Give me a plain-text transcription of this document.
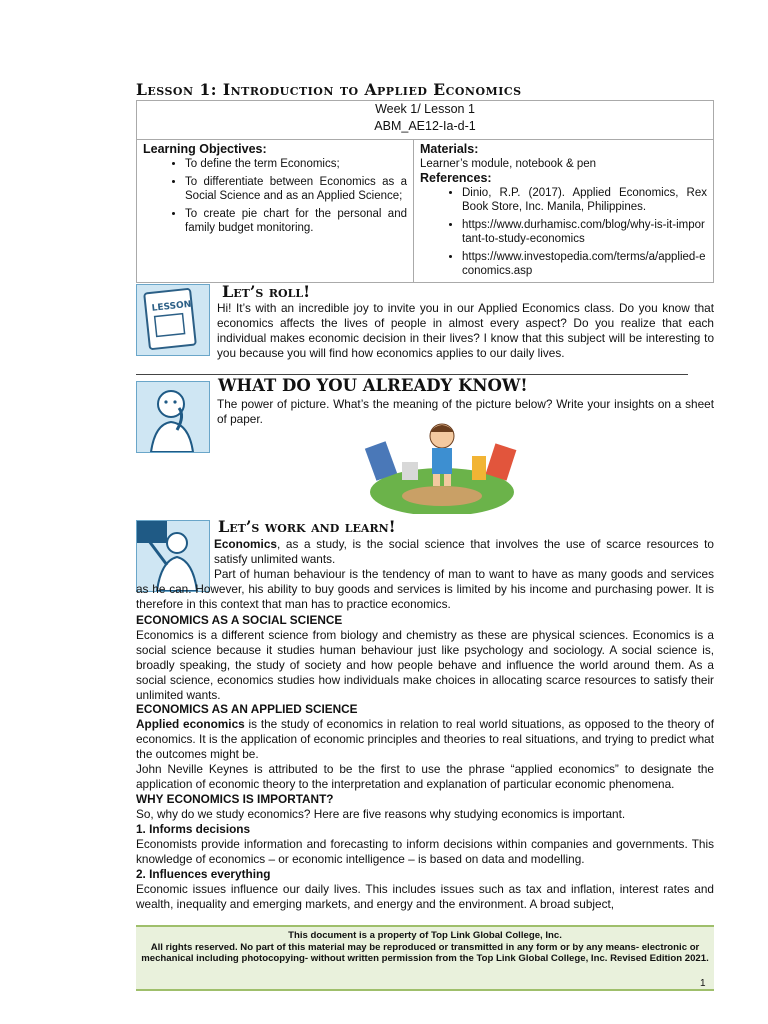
Lesson 1: Introduction to Applied Economics
Week 1/ Lesson 1
ABM_AE12-Ia-d-1

Learning Objectives:
• To define the term Economics;
• To differentiate between Economics as a Social Science and as an Applied Science;
• To create pie chart for the personal and family budget monitoring.

Materials:
Learner’s module, notebook & pen
References:
• Dinio, R.P. (2017). Applied Economics, Rex Book Store, Inc. Manila, Philippines.
• https://www.durhamisc.com/blog/why-is-it-important-to-study-economics
• https://www.investopedia.com/terms/a/applied-economics.asp
LESSON
Let’s roll!
Hi! It’s with an incredible joy to invite you in our Applied Economics class. Do you know that economics affects the lives of people in almost every aspect? Do you realize that each individual makes economic decision in their lives? I know that this subject will be interesting to you because you will find how economics applies to our daily lives.
WHAT DO YOU ALREADY KNOW!
The power of picture. What’s the meaning of the picture below? Write your insights on a sheet of paper.
Let’s work and learn!
Economics, as a study, is the social science that involves the use of scarce resources to satisfy unlimited wants.
Part of human behaviour is the tendency of man to want to have as many goods and services as he can. However, his ability to buy goods and services is limited by his income and purchasing power. It is therefore in this context that man has to practice economics.
ECONOMICS AS A SOCIAL SCIENCE
Economics is a different science from biology and chemistry as these are physical sciences. Economics is a social science because it studies human behaviour just like psychology and sociology. A social science is, broadly speaking, the study of society and how people behave and influence the world around them. As a social science, economics studies how individuals make choices in allocating scarce resources to satisfy their unlimited wants.
ECONOMICS AS AN APPLIED SCIENCE
Applied economics is the study of economics in relation to real world situations, as opposed to the theory of economics. It is the application of economic principles and theories to real situations, and trying to predict what the outcomes might be.
John Neville Keynes is attributed to be the first to use the phrase “applied economics” to designate the application of economic theory to the interpretation and explanation of particular economic phenomena.
WHY ECONOMICS IS IMPORTANT?
So, why do we study economics? Here are five reasons why studying economics is important.
1. Informs decisions
Economists provide information and forecasting to inform decisions within companies and governments. This knowledge of economics – or economic intelligence – is based on data and modelling.
2. Influences everything
Economic issues influence our daily lives. This includes issues such as tax and inflation, interest rates and wealth, inequality and emerging markets, and energy and the environment. A broad subject,
This document is a property of Top Link Global College, Inc.
All rights reserved. No part of this material may be reproduced or transmitted in any form or by any means- electronic or mechanical including photocopying- without written permission from the Top Link Global College, Inc. Revised Edition 2021.
1
